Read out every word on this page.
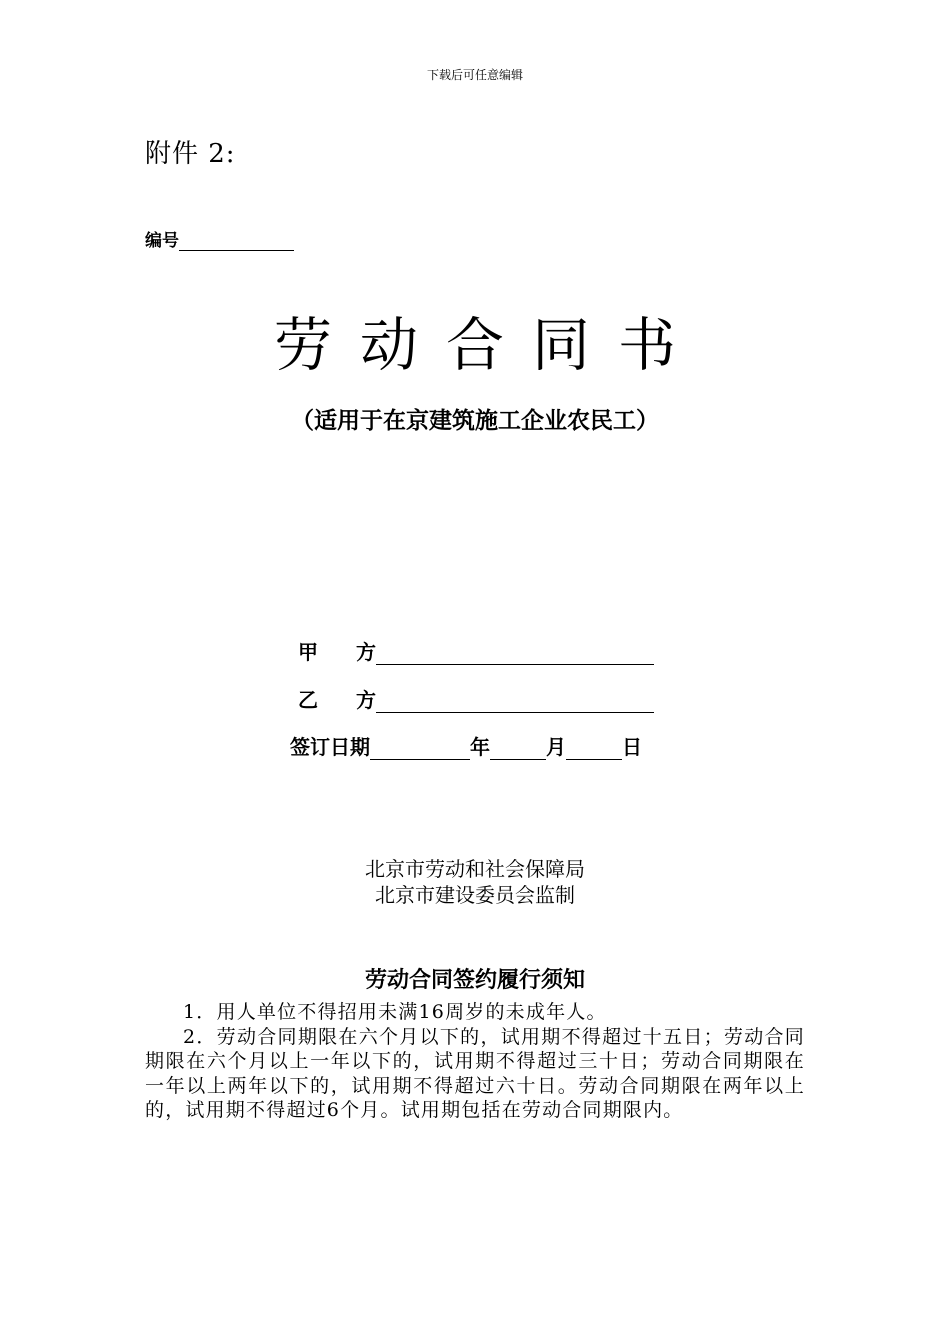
下载后可任意编辑
附件 2:
编号
劳动合同书
（适用于在京建筑施工企业农民工）
甲 方
乙 方
签订日期	年	月	日
北京市劳动和社会保障局
北京市建设委员会监制
劳动合同签约履行须知

1．用人单位不得招用未满16周岁的未成年人。

2．劳动合同期限在六个月以下的，试用期不得超过十五日；劳动合同期限在六个月以上一年以下的，试用期不得超过三十日；劳动合同期限在一年以上两年以下的，试用期不得超过六十日。劳动合同期限在两年以上的，试用期不得超过6个月。试用期包括在劳动合同期限内。
